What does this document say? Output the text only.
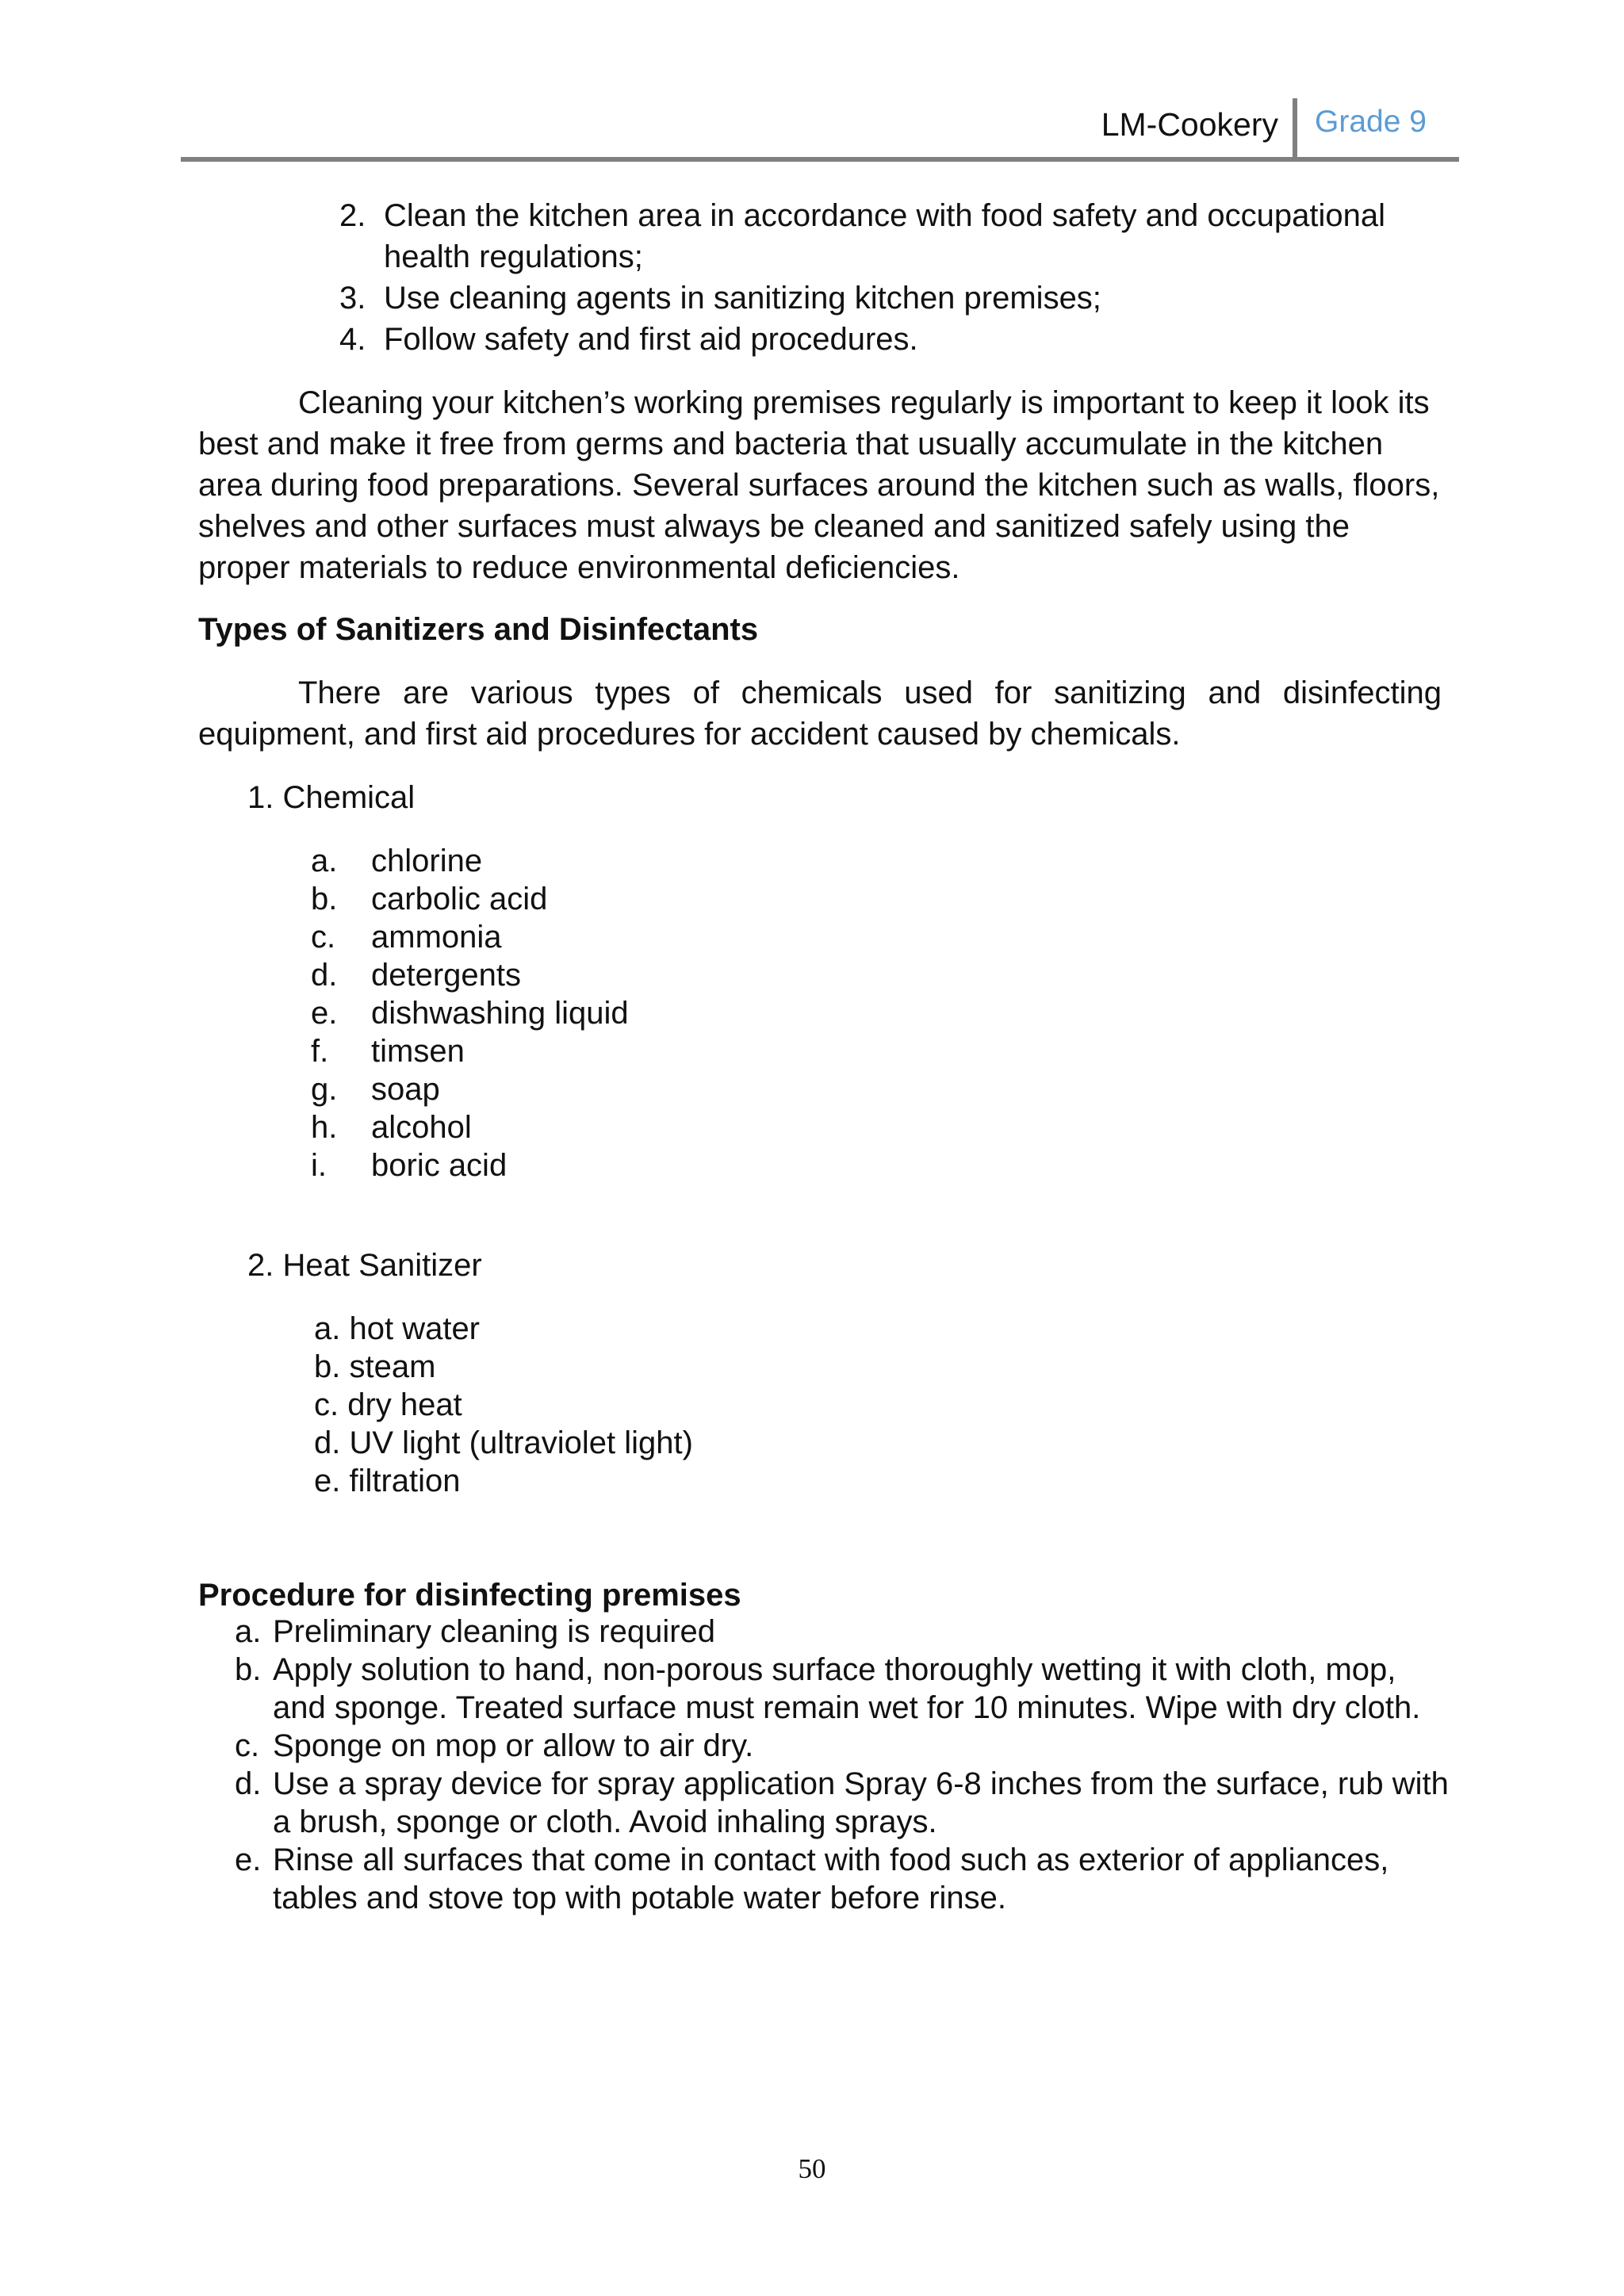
LM-Cookery Grade 9
2. Clean the kitchen area in accordance with food safety and occupational health regulations;
3. Use cleaning agents in sanitizing kitchen premises;
4. Follow safety and first aid procedures.

Cleaning your kitchen’s working premises regularly is important to keep it look its best and make it free from germs and bacteria that usually accumulate in the kitchen area during food preparations. Several surfaces around the kitchen such as walls, floors, shelves and other surfaces must always be cleaned and sanitized safely using the proper materials to reduce environmental deficiencies.

Types of Sanitizers and Disinfectants

There are various types of chemicals used for sanitizing and disinfecting equipment, and first aid procedures for accident caused by chemicals.

1. Chemical

a. chlorine
b. carbolic acid
c. ammonia
d. detergents
e. dishwashing liquid
f. timsen
g. soap
h. alcohol
i. boric acid

2. Heat Sanitizer

a. hot water
b. steam
c. dry heat
d. UV light (ultraviolet light)
e. filtration
Procedure for disinfecting premises
a. Preliminary cleaning is required
b. Apply solution to hand, non-porous surface thoroughly wetting it with cloth, mop, and sponge. Treated surface must remain wet for 10 minutes. Wipe with dry cloth.
c. Sponge on mop or allow to air dry.
d. Use a spray device for spray application Spray 6-8 inches from the surface, rub with a brush, sponge or cloth. Avoid inhaling sprays.
e. Rinse all surfaces that come in contact with food such as exterior of appliances, tables and stove top with potable water before rinse.
50
